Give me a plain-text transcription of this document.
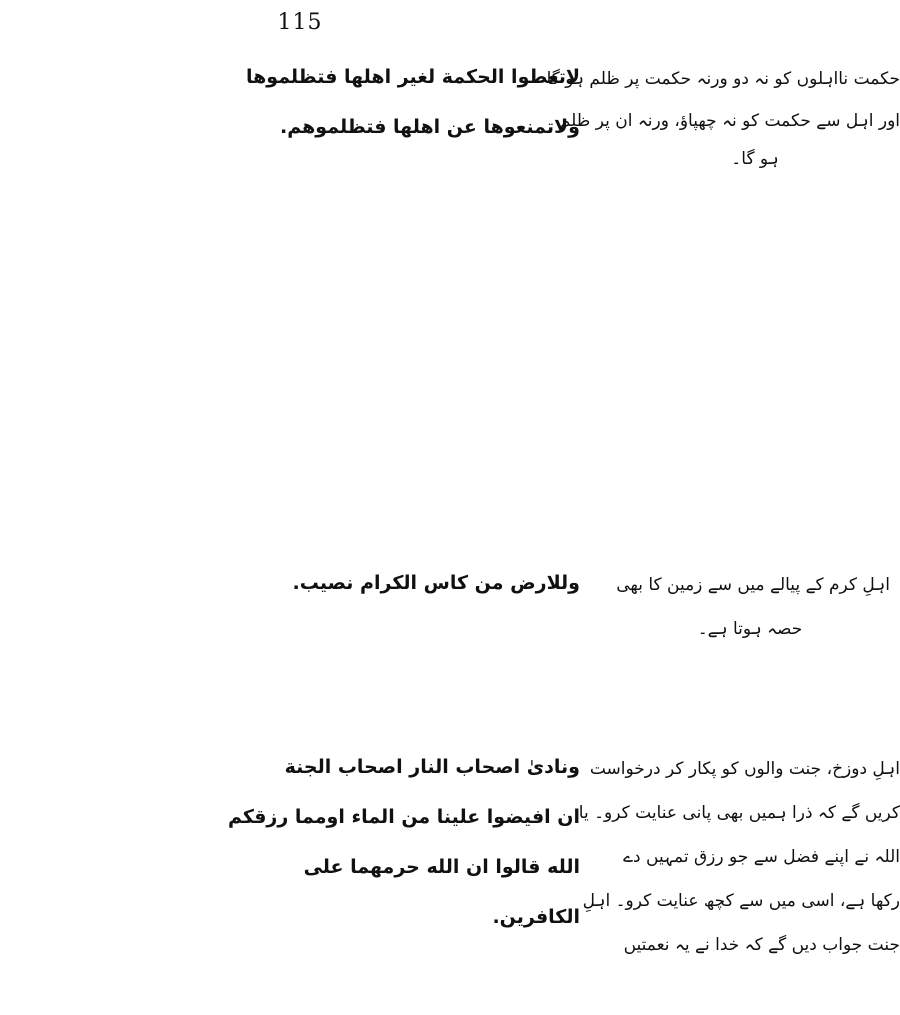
115
لاتعطوا الحكمة لغير اهلها فتظلموها
ولاتمنعوها عن اهلها فتظلموهم.
حکمت نااہلوں کو نہ دو ورنہ حکمت پر ظلم ہو گا
اور اہل سے حکمت کو نہ چھپاؤ، ورنہ ان پر ظلم
ہو گا۔
وللارض من كاس الكرام نصيب.	اہلِ کرم کے پیالے میں سے زمین کا بھی
حصہ ہوتا ہے۔
ونادیٰ اصحاب النار اصحاب الجنة
ان افیضوا علینا من الماء اومما رزقكم
الله قالوا ان الله حرمهما على
الكافرين.
اہلِ دوزخ، جنت والوں کو پکار کر درخواست
کریں گے کہ ذرا ہمیں بھی پانی عنایت کرو۔ یا
اللہ نے اپنے فضل سے جو رزق تمہیں دے
رکھا ہے، اسی میں سے کچھ عنایت کرو۔ اہلِ
جنت جواب دیں گے کہ خدا نے یہ نعمتیں
